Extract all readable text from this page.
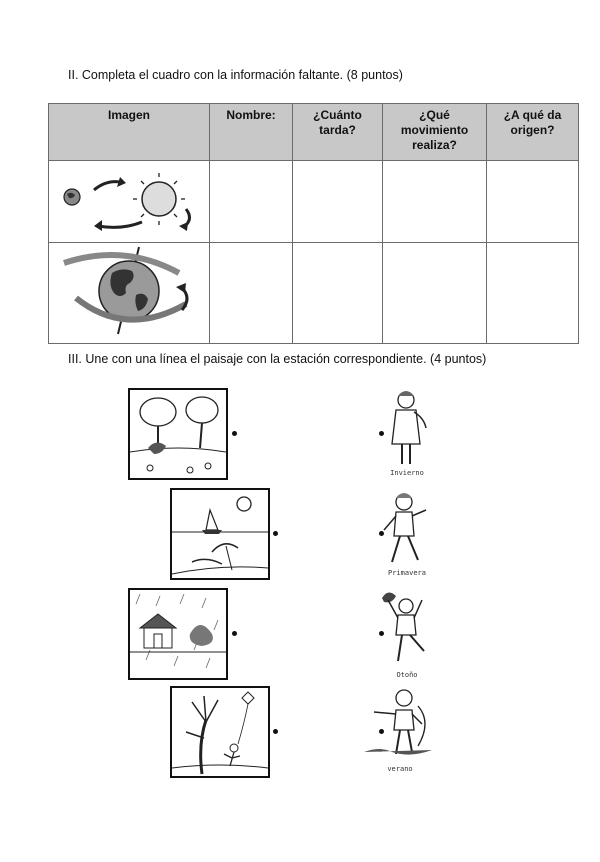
II. Completa el cuadro con la información faltante. (8 puntos)

Imagen	Nombre:	¿Cuánto tarda?	¿Qué movimiento realiza?	¿A qué da origen?

III. Une con una línea el paisaje con la estación correspondiente. (4 puntos)

Invierno
Primavera
Otoño
verano
